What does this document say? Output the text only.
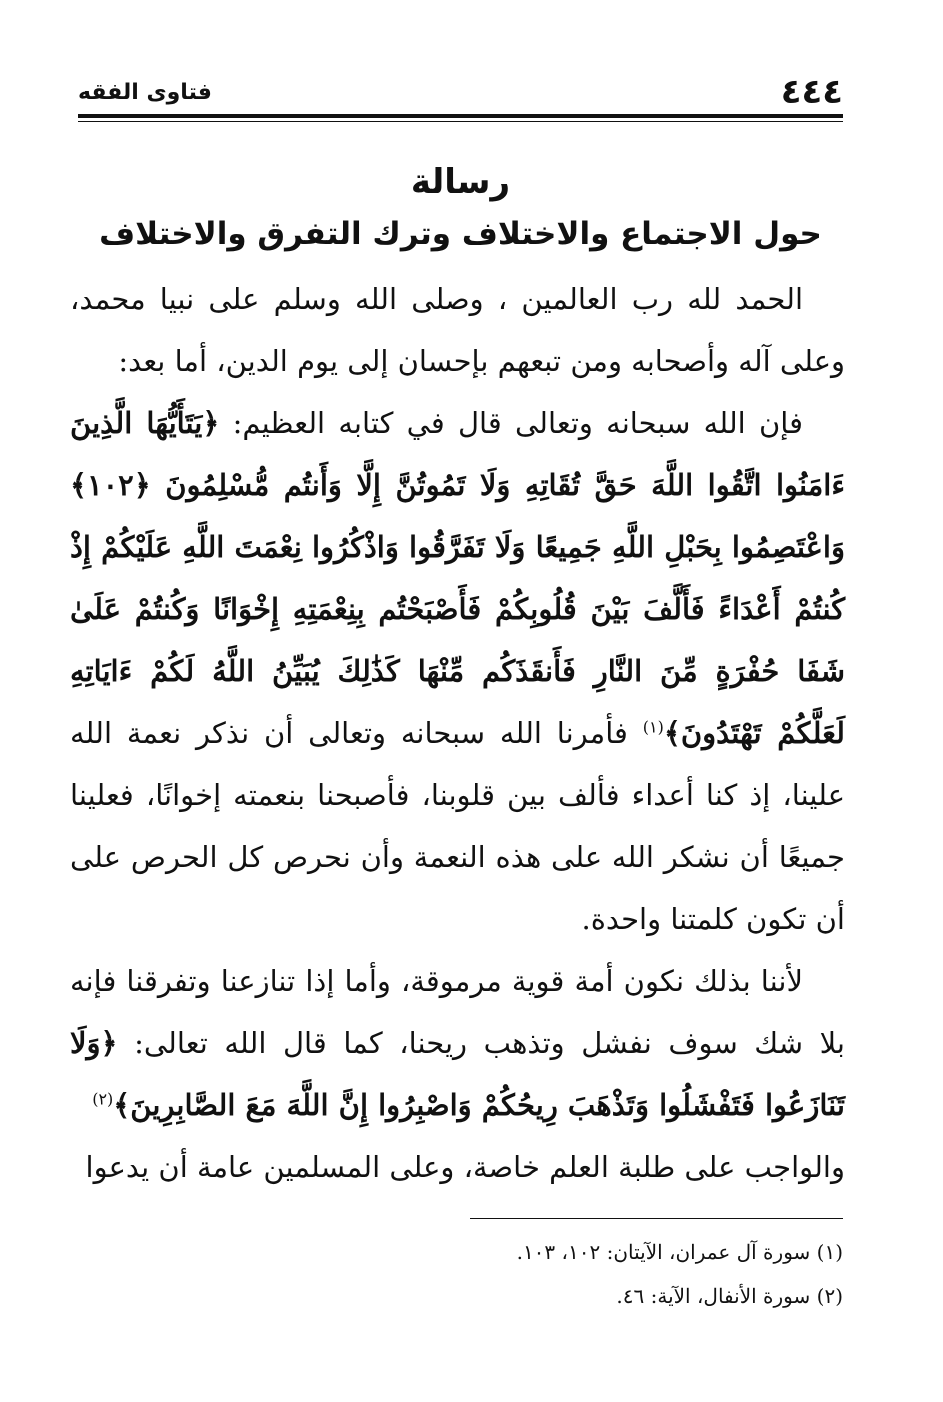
٤٤٤
فتاوى الفقه
رسالة
حول الاجتماع والاختلاف وترك التفرق والاختلاف

الحمد لله رب العالمين ، وصلى الله وسلم على نبيا محمد، وعلى آله وأصحابه ومن تبعهم بإحسان إلى يوم الدين، أما بعد:

فإن الله سبحانه وتعالى قال في كتابه العظيم: ﴿يَتَأَيُّهَا الَّذِينَ ءَامَنُوا اتَّقُوا اللَّهَ حَقَّ تُقَاتِهِ وَلَا تَمُوتُنَّ إِلَّا وَأَنتُم مُّسْلِمُونَ ﴿١٠٢﴾ وَاعْتَصِمُوا بِحَبْلِ اللَّهِ جَمِيعًا وَلَا تَفَرَّقُوا وَاذْكُرُوا نِعْمَتَ اللَّهِ عَلَيْكُمْ إِذْ كُنتُمْ أَعْدَاءً فَأَلَّفَ بَيْنَ قُلُوبِكُمْ فَأَصْبَحْتُم بِنِعْمَتِهِ إِخْوَانًا وَكُنتُمْ عَلَىٰ شَفَا حُفْرَةٍ مِّنَ النَّارِ فَأَنقَذَكُم مِّنْهَا كَذَٰلِكَ يُبَيِّنُ اللَّهُ لَكُمْ ءَايَاتِهِ لَعَلَّكُمْ تَهْتَدُونَ﴾$^{(١)}$ فأمرنا الله سبحانه وتعالى أن نذكر نعمة الله علينا، إذ كنا أعداء فألف بين قلوبنا، فأصبحنا بنعمته إخوانًا، فعلينا جميعًا أن نشكر الله على هذه النعمة وأن نحرص كل الحرص على أن تكون كلمتنا واحدة.

لأننا بذلك نكون أمة قوية مرموقة، وأما إذا تنازعنا وتفرقنا فإنه بلا شك سوف نفشل وتذهب ريحنا، كما قال الله تعالى: ﴿وَلَا تَنَازَعُوا فَتَفْشَلُوا وَتَذْهَبَ رِيحُكُمْ وَاصْبِرُوا إِنَّ اللَّهَ مَعَ الصَّابِرِينَ﴾$^{(٢)}$

والواجب على طلبة العلم خاصة، وعلى المسلمين عامة أن يدعوا

(١) سورة آل عمران، الآيتان: ١٠٢، ١٠٣.

(٢) سورة الأنفال، الآية: ٤٦.
